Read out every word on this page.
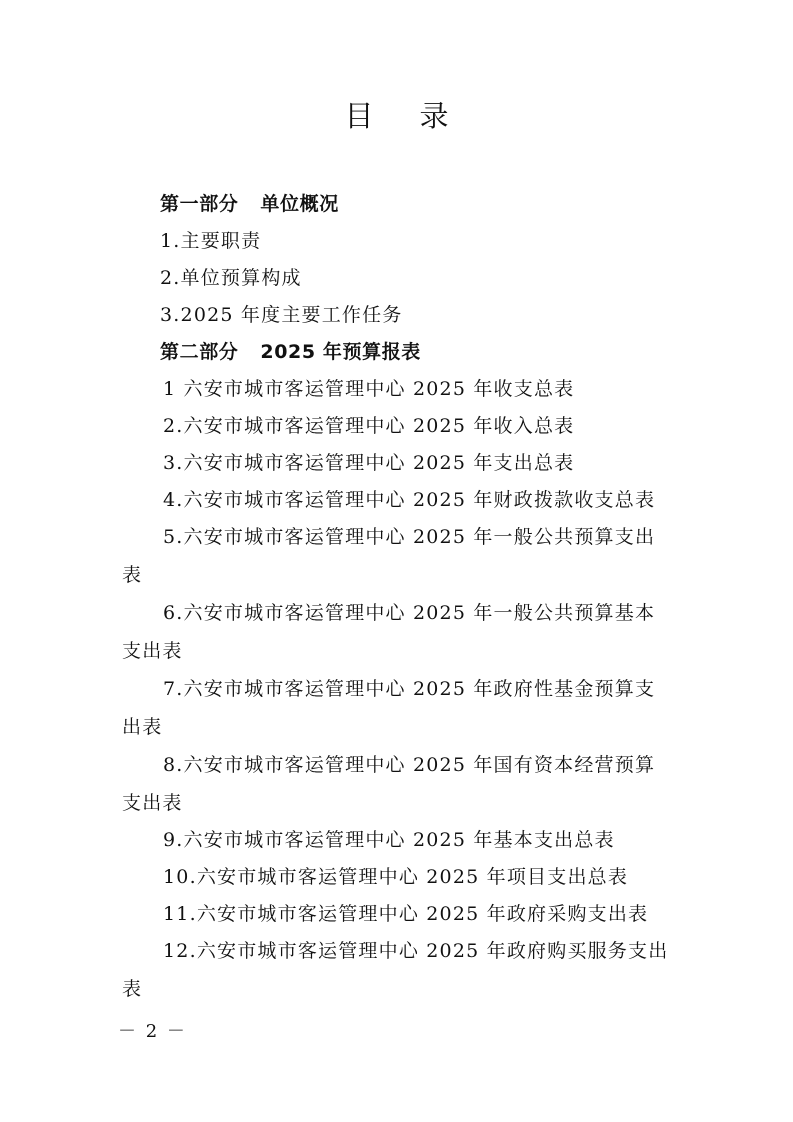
目 录
第一部分 单位概况
1.主要职责
2.单位预算构成
3.2025 年度主要工作任务
第二部分 2025 年预算报表
1 六安市城市客运管理中心 2025 年收支总表
2.六安市城市客运管理中心 2025 年收入总表
3.六安市城市客运管理中心 2025 年支出总表
4.六安市城市客运管理中心 2025 年财政拨款收支总表
5.六安市城市客运管理中心 2025 年一般公共预算支出
表
6.六安市城市客运管理中心 2025 年一般公共预算基本
支出表
7.六安市城市客运管理中心 2025 年政府性基金预算支
出表
8.六安市城市客运管理中心 2025 年国有资本经营预算
支出表
9.六安市城市客运管理中心 2025 年基本支出总表
10.六安市城市客运管理中心 2025 年项目支出总表
11.六安市城市客运管理中心 2025 年政府采购支出表
12.六安市城市客运管理中心 2025 年政府购买服务支出
表
－ 2 －
